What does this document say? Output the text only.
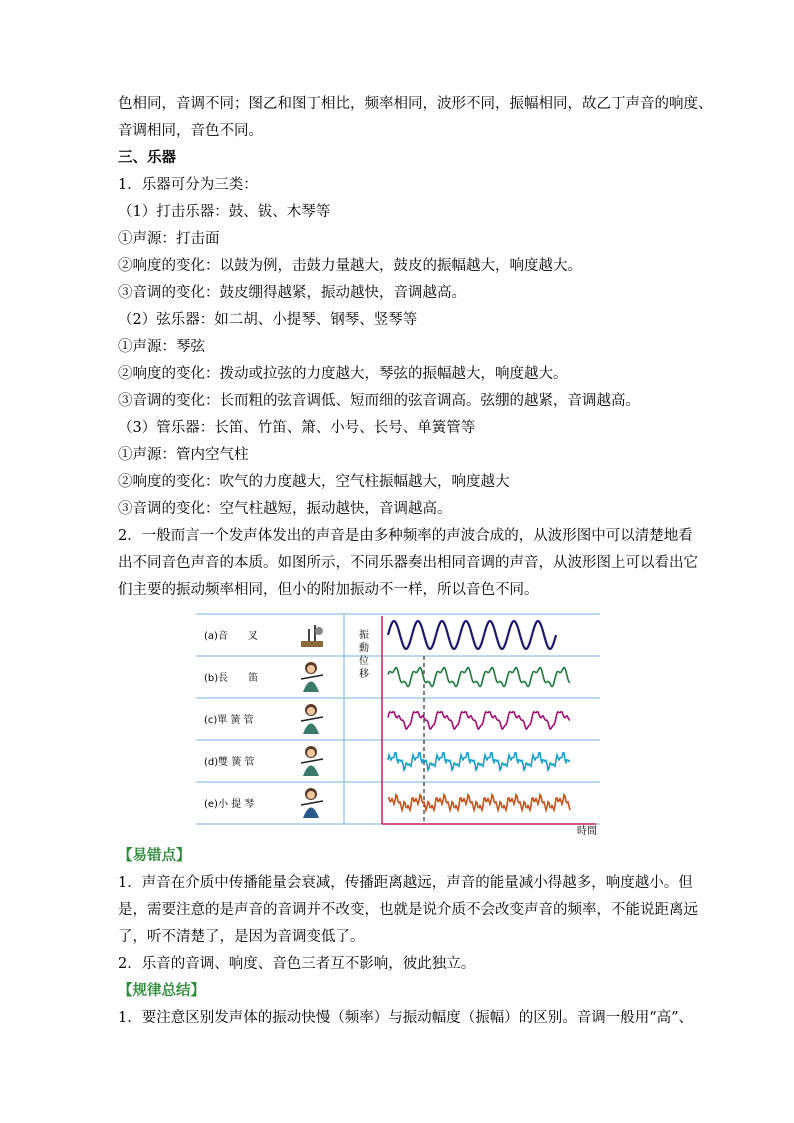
色相同，音调不同；图乙和图丁相比，频率相同，波形不同，振幅相同，故乙丁声音的响度、
音调相同，音色不同。
三、乐器
1．乐器可分为三类：
（1）打击乐器：鼓、钹、木琴等
①声源：打击面
②响度的变化：以鼓为例，击鼓力量越大，鼓皮的振幅越大，响度越大。
③音调的变化：鼓皮绷得越紧，振动越快，音调越高。
（2）弦乐器：如二胡、小提琴、钢琴、竖琴等
①声源：琴弦
②响度的变化：拨动或拉弦的力度越大，琴弦的振幅越大，响度越大。
③音调的变化：长而粗的弦音调低、短而细的弦音调高。弦绷的越紧，音调越高。
（3）管乐器：长笛、竹笛、箫、小号、长号、单簧管等
①声源：管内空气柱
②响度的变化：吹气的力度越大，空气柱振幅越大，响度越大
③音调的变化：空气柱越短，振动越快，音调越高。
2．一般而言一个发声体发出的声音是由多种频率的声波合成的，从波形图中可以清楚地看
出不同音色声音的本质。如图所示，不同乐器奏出相同音调的声音，从波形图上可以看出它
们主要的振动频率相同，但小的附加振动不一样，所以音色不同。
【易错点】
1．声音在介质中传播能量会衰减，传播距离越远，声音的能量减小得越多，响度越小。但
是，需要注意的是声音的音调并不改变，也就是说介质不会改变声音的频率，不能说距离远
了，听不清楚了，是因为音调变低了。
2．乐音的音调、响度、音色三者互不影响，彼此独立。
【规律总结】
1．要注意区别发声体的振动快慢（频率）与振动幅度（振幅）的区别。音调一般用“高”、
時間
振
動
位
移
(a)音　　叉
(b)長　　笛
(c)單 簧 管
(d)雙 簧 管
(e)小 提 琴
